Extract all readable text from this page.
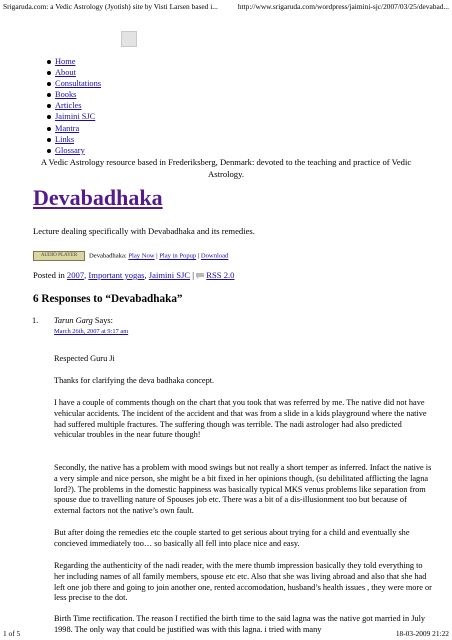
Srigaruda.com: a Vedic Astrology (Jyotish) site by Visti Larsen based i...	http://www.srigaruda.com/wordpress/jaimini-sjc/2007/03/25/devabad...
Home
About
Consultations
Books
Articles
Jaimini SJC
Mantra
Links
Glossary
A Vedic Astrology resource based in Frederiksberg, Denmark: devoted to the teaching and practice of Vedic Astrology.
Devabadhaka
Lecture dealing specifically with Devabadhaka and its remedies.
AUDIO PLAYER Devabadhaka: Play Now | Play in Popup | Download
Posted in 2007, Important yogas, Jaimini SJC |  RSS 2.0
6 Responses to “Devabadhaka”
1. Tarun Garg Says:
March 26th, 2007 at 9:17 am

Respected Guru Ji
Thanks for clarifying the deva badhaka concept.
I have a couple of comments though on the chart that you took that was referred by me. The native did not have vehicular accidents. The incident of the accident and that was from a slide in a kids playground where the native had suffered multiple fractures. The suffering though was terrible. The nadi astrologer had also predicted vehicular troubles in the near future though!
Secondly, the native has a problem with mood swings but not really a short temper as inferred. Infact the native is a very simple and nice person, she might be a bit fixed in her opinions though, (su debilitated afflicting the lagna lord?). The problems in the domestic happiness was basically typical MKS venus problems like separation from spouse due to travelling nature of Spouses job etc. There was a bit of a dis-illusionment too but because of external factors not the native’s own fault.
But after doing the remedies etc the couple started to get serious about trying for a child and eventually she concieved immediately too… so basically all fell into place nice and easy.
Regarding the authenticity of the nadi reader, with the mere thumb impression basically they told everything to her including names of all family members, spouse etc etc. Also that she was living abroad and also that she had left one job there and going to join another one, rented accomodation, husband’s health issues , they were more or less precise to the dot.
Birth Time rectification. The reason I rectified the birth time to the said lagna was the native got married in July 1998. The only way that could be justified was with this lagna. i tried with many
1 of 5	18-03-2009 21:22
